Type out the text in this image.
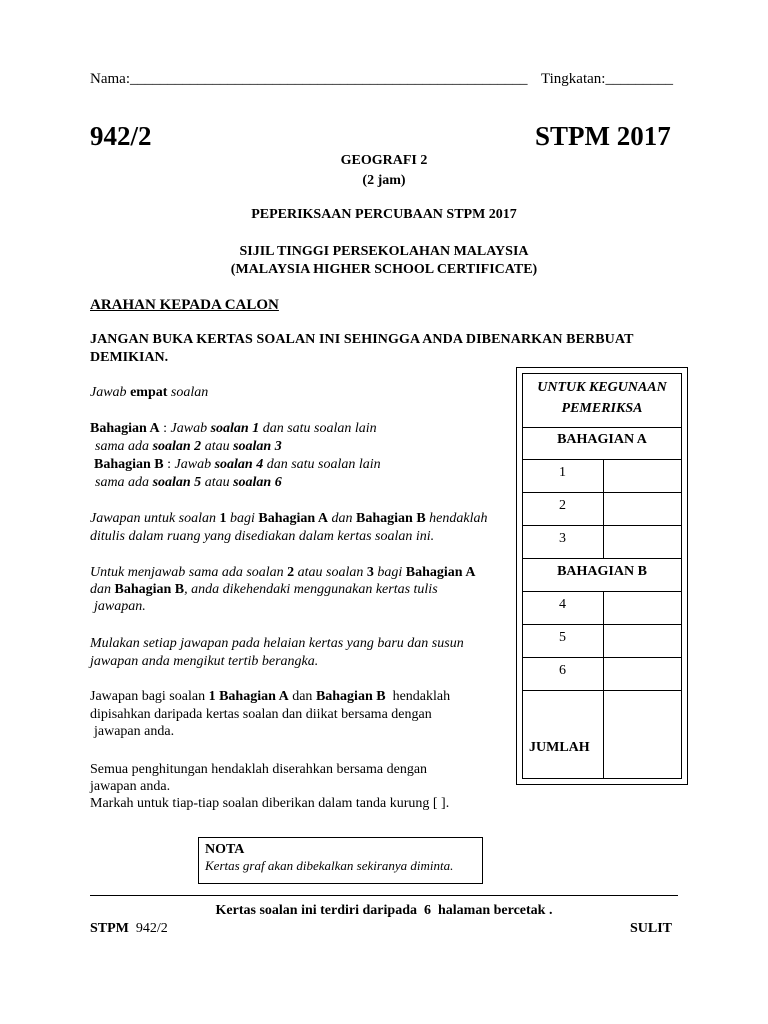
Nama:_____________________________________________________ Tingkatan:_________
942/2	STPM 2017
GEOGRAFI 2
(2 jam)
PEPERIKSAAN PERCUBAAN STPM 2017
SIJIL TINGGI PERSEKOLAHAN MALAYSIA
(MALAYSIA HIGHER SCHOOL CERTIFICATE)
ARAHAN KEPADA CALON
JANGAN BUKA KERTAS SOALAN INI SEHINGGA ANDA DIBENARKAN BERBUAT
DEMIKIAN.
Jawab empat soalan
Bahagian A : Jawab soalan 1 dan satu soalan lain
sama ada soalan 2 atau soalan 3
Bahagian B : Jawab soalan 4 dan satu soalan lain
sama ada soalan 5 atau soalan 6
Jawapan untuk soalan 1 bagi Bahagian A dan Bahagian B hendaklah
ditulis dalam ruang yang disediakan dalam kertas soalan ini.
Untuk menjawab sama ada soalan 2 atau soalan 3 bagi Bahagian A
dan Bahagian B, anda dikehendaki menggunakan kertas tulis
jawapan.
Mulakan setiap jawapan pada helaian kertas yang baru dan susun
jawapan anda mengikut tertib berangka.
Jawapan bagi soalan 1 Bahagian A dan Bahagian B hendaklah
dipisahkan daripada kertas soalan dan diikat bersama dengan
jawapan anda.
Semua penghitungan hendaklah diserahkan bersama dengan
jawapan anda.
Markah untuk tiap-tiap soalan diberikan dalam tanda kurung [ ].
UNTUK KEGUNAAN
PEMERIKSA
BAHAGIAN A
1
2
3
BAHAGIAN B
4
5
6
JUMLAH
NOTA
Kertas graf akan dibekalkan sekiranya diminta.
Kertas soalan ini terdiri daripada 6 halaman bercetak .
STPM 942/2	SULIT
